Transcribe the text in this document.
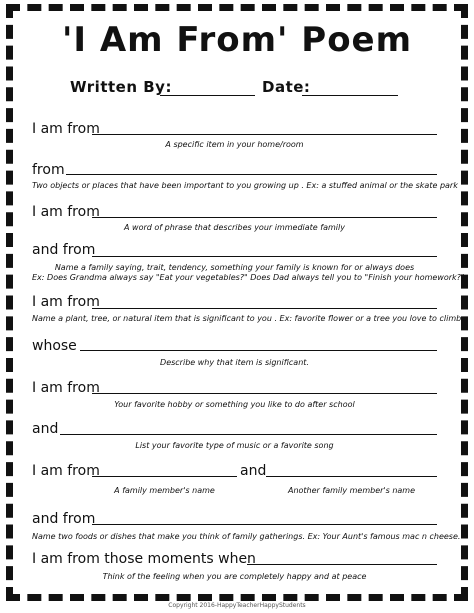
'I Am From' Poem
Written By:	Date:
I am from
A specific item in your home/room
from
Two objects or places that have been important to you growing up . Ex: a stuffed animal or the skate park
I am from
A word of phrase that describes your immediate family
and from
Name a family saying, trait, tendency, something your family is known for or always does
Ex: Does Grandma always say "Eat your vegetables?" Does Dad always tell you to "Finish your homework?"
I am from
Name a plant, tree, or natural item that is significant to you . Ex: favorite flower or a tree you love to climb.
whose
Describe why that item is significant.
I am from
Your favorite hobby or something you like to do after school
and
List your favorite type of music or a favorite song
I am from	and
A family member's name	Another family member's name
and from
Name two foods or dishes that make you think of family gatherings. Ex: Your Aunt's famous mac n cheese.
I am from those moments when
Think of the feeling when you are completely happy and at peace
Copyright 2016-HappyTeacherHappyStudents
